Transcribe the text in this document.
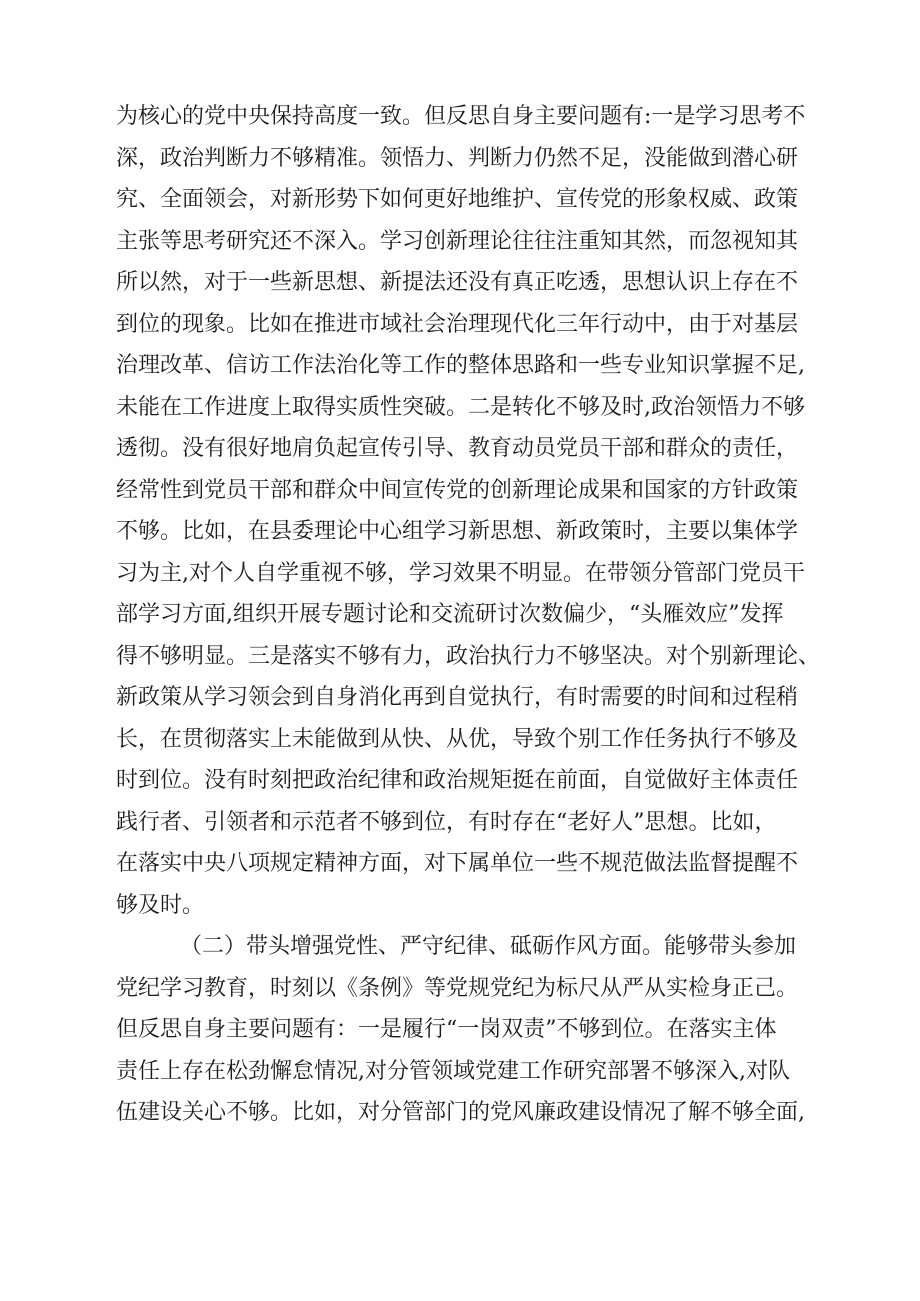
为核心的党中央保持高度一致。但反思自身主要问题有:一是学习思考不
深，政治判断力不够精准。领悟力、判断力仍然不足，没能做到潜心研
究、全面领会，对新形势下如何更好地维护、宣传党的形象权威、政策
主张等思考研究还不深入。学习创新理论往往注重知其然，而忽视知其
所以然，对于一些新思想、新提法还没有真正吃透，思想认识上存在不
到位的现象。比如在推进市域社会治理现代化三年行动中，由于对基层
治理改革、信访工作法治化等工作的整体思路和一些专业知识掌握不足,
未能在工作进度上取得实质性突破。二是转化不够及时,政治领悟力不够
透彻。没有很好地肩负起宣传引导、教育动员党员干部和群众的责任，
经常性到党员干部和群众中间宣传党的创新理论成果和国家的方针政策
不够。比如，在县委理论中心组学习新思想、新政策时，主要以集体学
习为主,对个人自学重视不够，学习效果不明显。在带领分管部门党员干
部学习方面,组织开展专题讨论和交流研讨次数偏少，“头雁效应”发挥
得不够明显。三是落实不够有力，政治执行力不够坚决。对个别新理论、
新政策从学习领会到自身消化再到自觉执行，有时需要的时间和过程稍
长，在贯彻落实上未能做到从快、从优，导致个别工作任务执行不够及
时到位。没有时刻把政治纪律和政治规矩挺在前面，自觉做好主体责任
践行者、引领者和示范者不够到位，有时存在“老好人”思想。比如，
在落实中央八项规定精神方面，对下属单位一些不规范做法监督提醒不
够及时。
（二）带头增强党性、严守纪律、砥砺作风方面。能够带头参加
党纪学习教育，时刻以《条例》等党规党纪为标尺从严从实检身正己。
但反思自身主要问题有：一是履行“一岗双责”不够到位。在落实主体
责任上存在松劲懈怠情况,对分管领域党建工作研究部署不够深入,对队
伍建设关心不够。比如，对分管部门的党风廉政建设情况了解不够全面,
